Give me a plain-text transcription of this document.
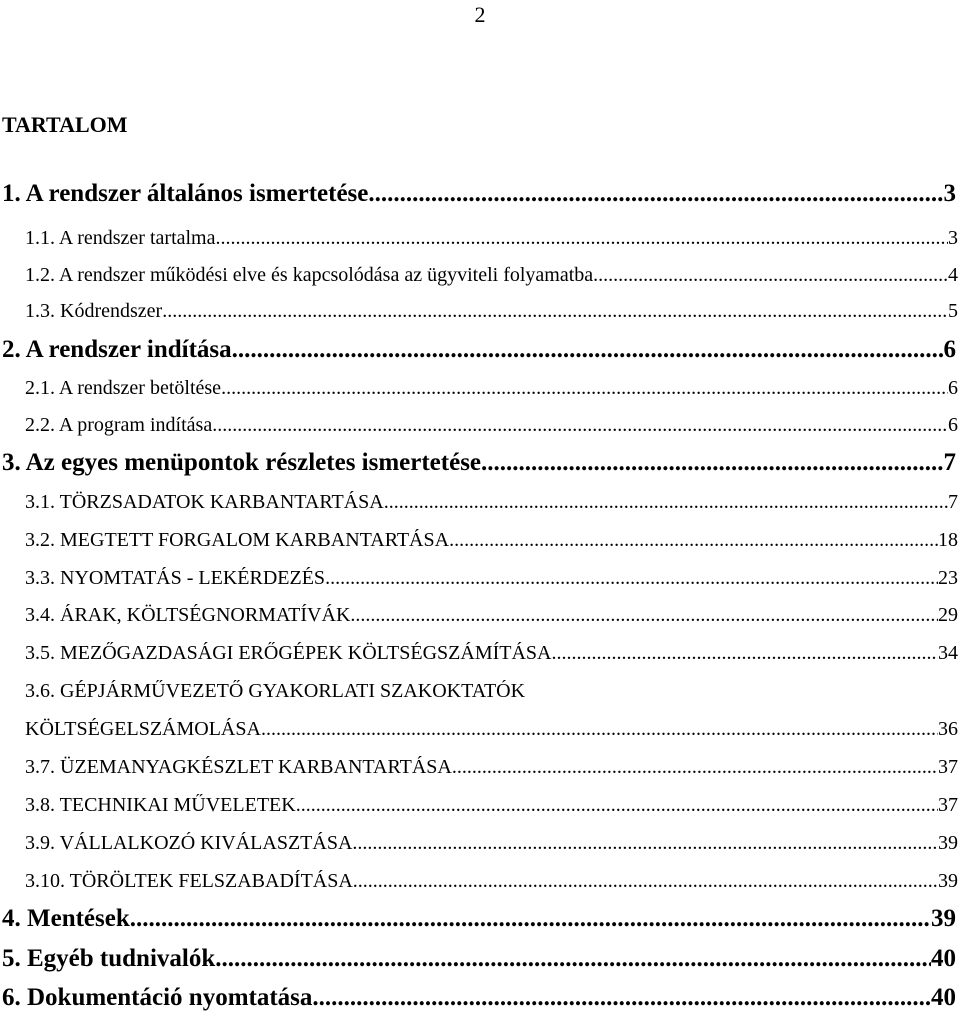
2
TARTALOM
1. A rendszer általános ismertetése .....	3
1.1. A rendszer tartalma .....	3
1.2. A rendszer működési elve és kapcsolódása az ügyviteli folyamatba .....	4
1.3. Kódrendszer .....	5
2. A rendszer indítása .....	6
2.1. A rendszer betöltése .....	6
2.2. A program indítása .....	6
3. Az egyes menüpontok részletes ismertetése .....	7
3.1. TÖRZSADATOK KARBANTARTÁSA .....	7
3.2. MEGTETT FORGALOM KARBANTARTÁSA .....	18
3.3. NYOMTATÁS - LEKÉRDEZÉS .....	23
3.4. ÁRAK, KÖLTSÉGNORMATÍVÁK .....	29
3.5. MEZŐGAZDASÁGI ERŐGÉPEK KÖLTSÉGSZÁMÍTÁSA .....	34
3.6. GÉPJÁRMŰVEZETŐ GYAKORLATI SZAKOKTATÓK
KÖLTSÉGELSZÁMOLÁSA .....	36
3.7. ÜZEMANYAGKÉSZLET KARBANTARTÁSA .....	37
3.8. TECHNIKAI MŰVELETEK .....	37
3.9. VÁLLALKOZÓ KIVÁLASZTÁSA .....	39
3.10. TÖRÖLTEK FELSZABADÍTÁSA .....	39
4. Mentések .....	39
5. Egyéb tudnivalók .....	40
6. Dokumentáció nyomtatása .....	40
